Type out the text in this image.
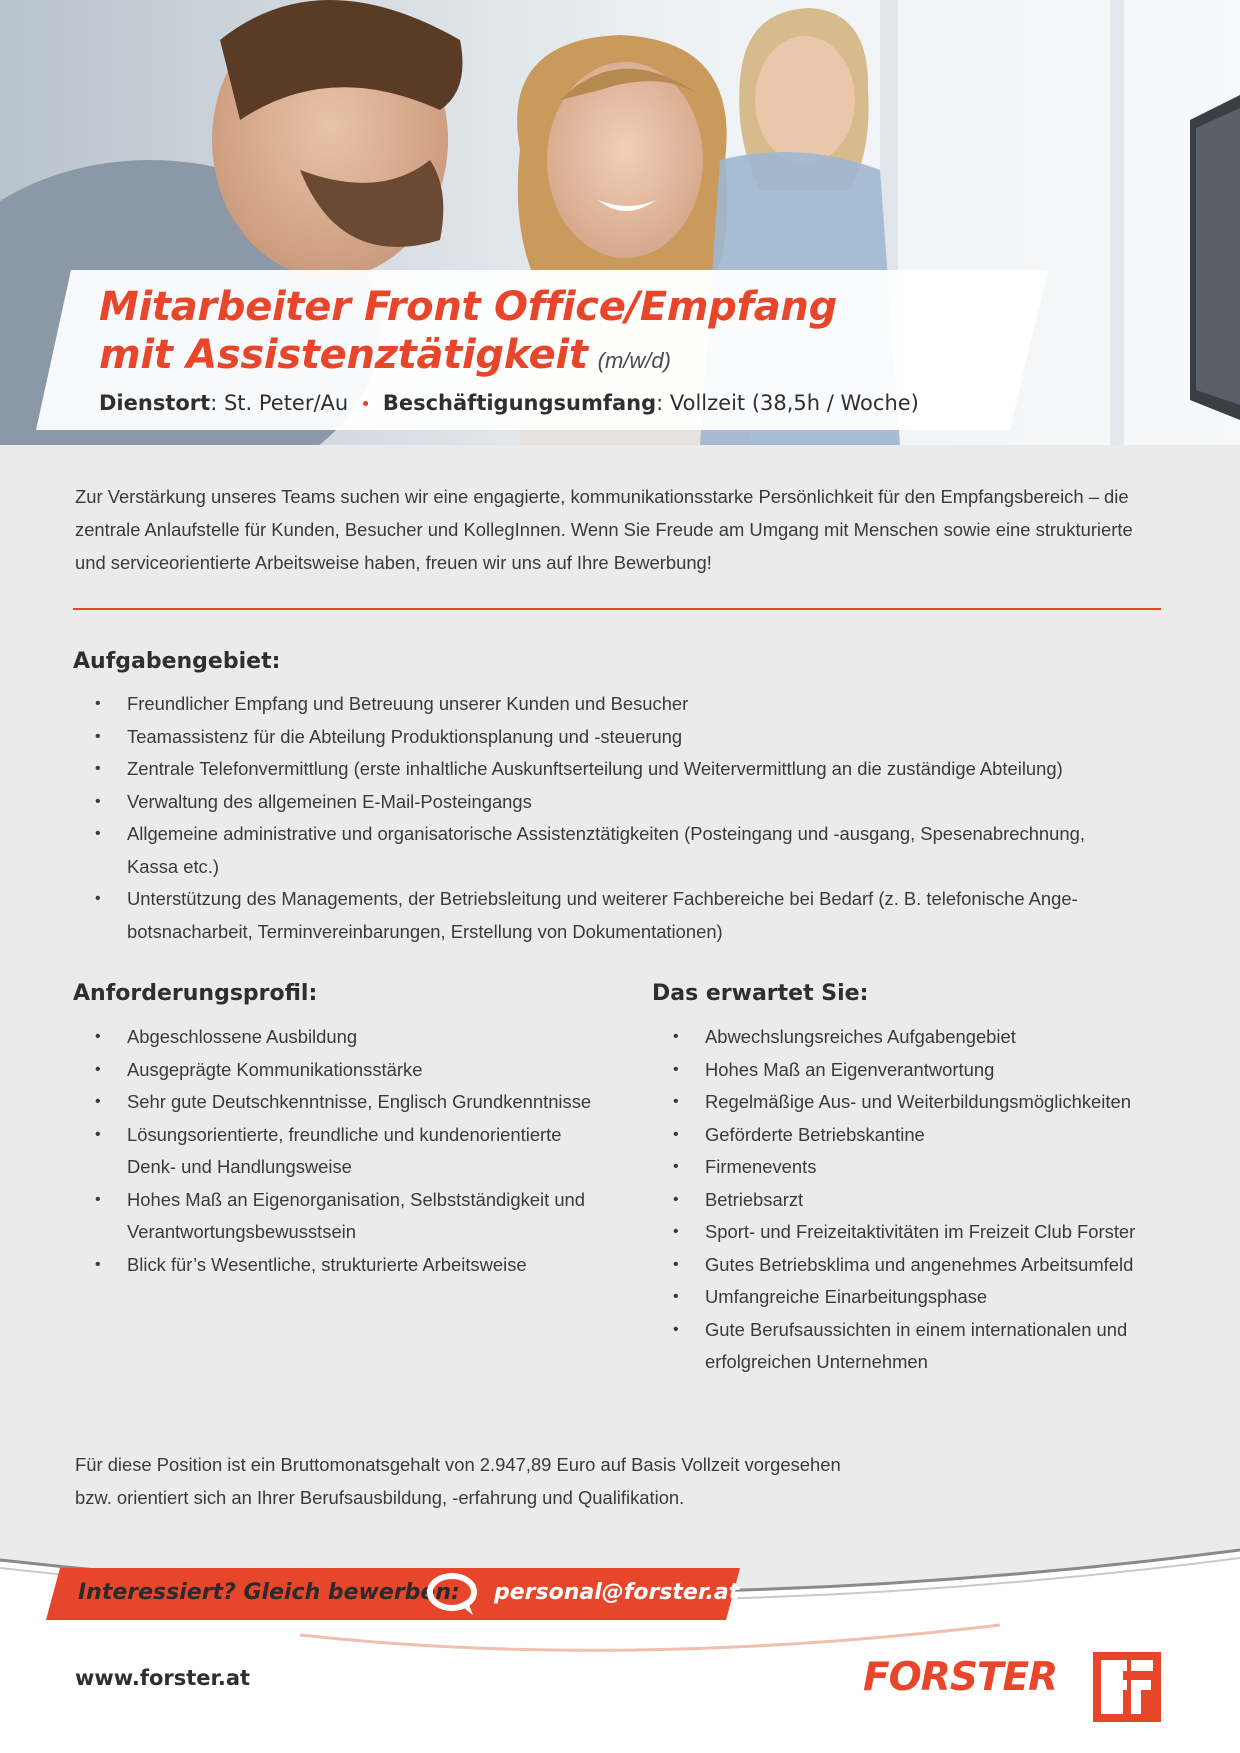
Mitarbeiter Front Office/Empfang
mit Assistenztätigkeit (m/w/d)
Dienstort: St. Peter/Au • Beschäftigungsumfang: Vollzeit (38,5h / Woche)

Zur Verstärkung unseres Teams suchen wir eine engagierte, kommunikationsstarke Persönlichkeit für den Empfangsbereich – die zentrale Anlaufstelle für Kunden, Besucher und KollegInnen. Wenn Sie Freude am Umgang mit Menschen sowie eine strukturierte und serviceorientierte Arbeitsweise haben, freuen wir uns auf Ihre Bewerbung!

Aufgabengebiet:
• Freundlicher Empfang und Betreuung unserer Kunden und Besucher
• Teamassistenz für die Abteilung Produktionsplanung und -steuerung
• Zentrale Telefonvermittlung (erste inhaltliche Auskunftserteilung und Weitervermittlung an die zuständige Abteilung)
• Verwaltung des allgemeinen E-Mail-Posteingangs
• Allgemeine administrative und organisatorische Assistenztätigkeiten (Posteingang und -ausgang, Spesenabrechnung,
Kassa etc.)
• Unterstützung des Managements, der Betriebsleitung und weiterer Fachbereiche bei Bedarf (z. B. telefonische Ange-
botsnacharbeit, Terminvereinbarungen, Erstellung von Dokumentationen)
Anforderungsprofil:
• Abgeschlossene Ausbildung
• Ausgeprägte Kommunikationsstärke
• Sehr gute Deutschkenntnisse, Englisch Grundkenntnisse
• Lösungsorientierte, freundliche und kundenorientierte
Denk- und Handlungsweise
• Hohes Maß an Eigenorganisation, Selbstständigkeit und
Verantwortungsbewusstsein
• Blick für’s Wesentliche, strukturierte Arbeitsweise
Das erwartet Sie:
• Abwechslungsreiches Aufgabengebiet
• Hohes Maß an Eigenverantwortung
• Regelmäßige Aus- und Weiterbildungsmöglichkeiten
• Geförderte Betriebskantine
• Firmenevents
• Betriebsarzt
• Sport- und Freizeitaktivitäten im Freizeit Club Forster
• Gutes Betriebsklima und angenehmes Arbeitsumfeld
• Umfangreiche Einarbeitungsphase
• Gute Berufsaussichten in einem internationalen und
erfolgreichen Unternehmen
Für diese Position ist ein Bruttomonatsgehalt von 2.947,89 Euro auf Basis Vollzeit vorgesehen
bzw. orientiert sich an Ihrer Berufsausbildung, -erfahrung und Qualifikation.
Interessiert? Gleich bewerben: personal@forster.at
www.forster.at	FORSTER
